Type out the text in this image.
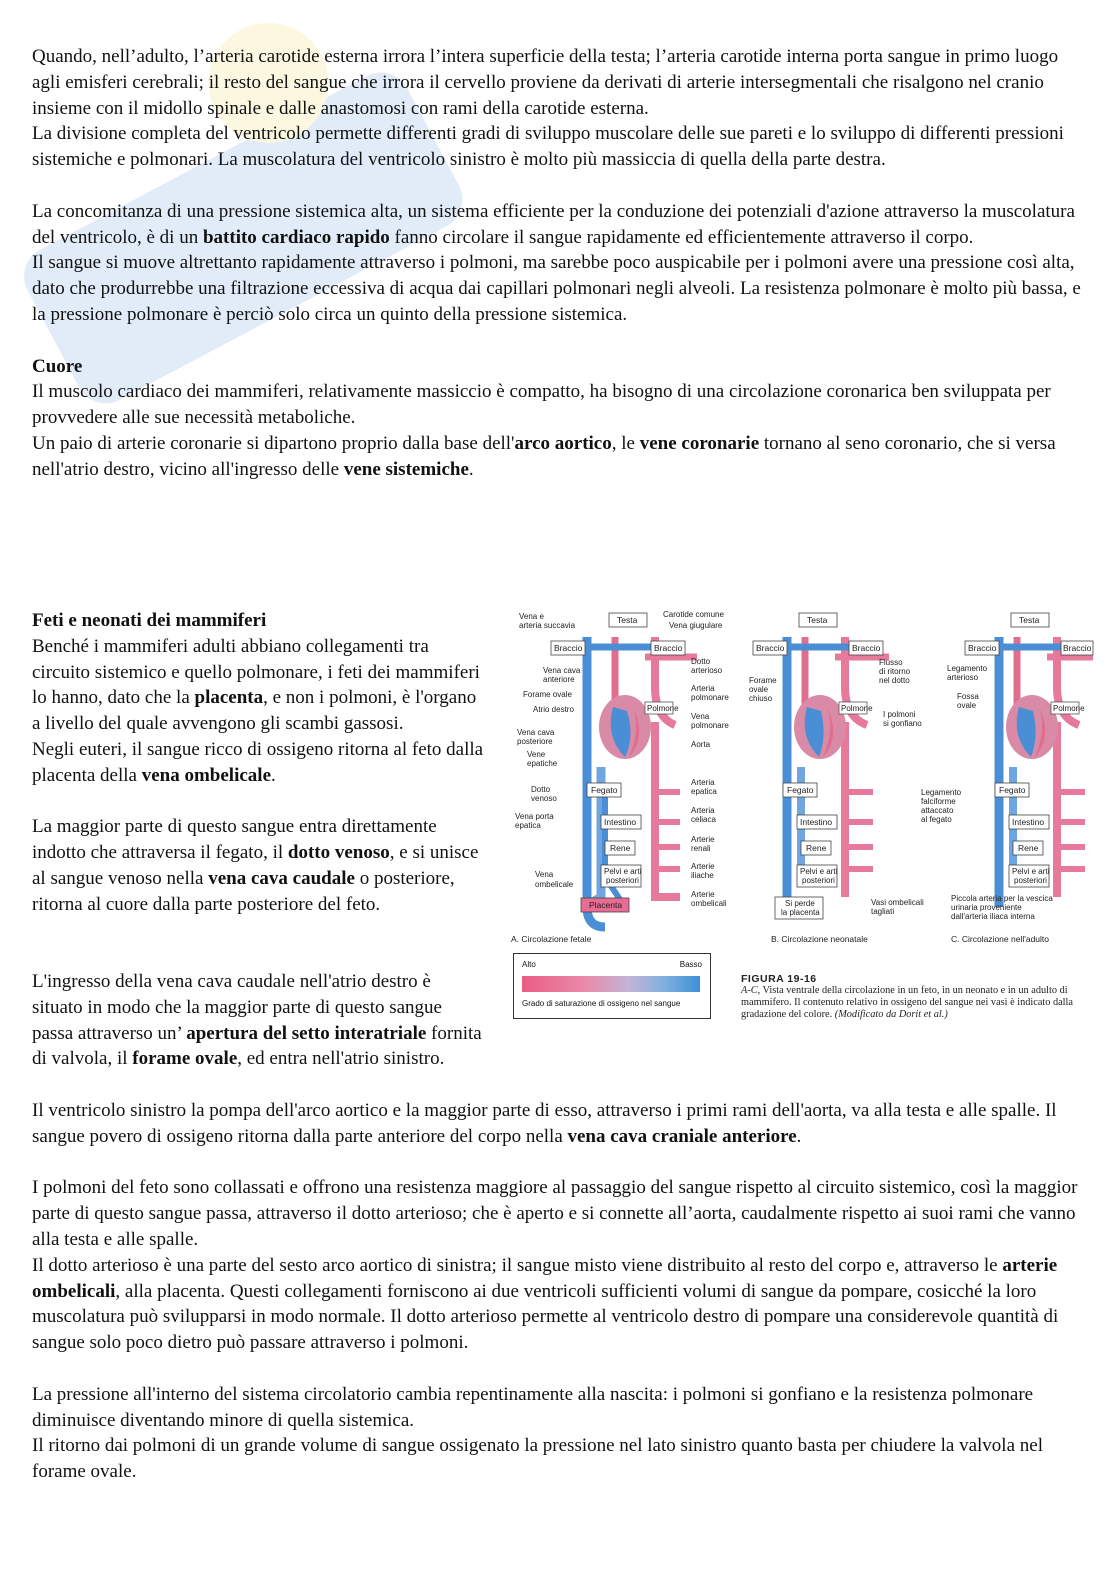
Quando, nell’adulto, l’arteria carotide esterna irrora l’intera superficie della testa; l’arteria carotide interna porta sangue in primo luogo agli emisferi cerebrali; il resto del sangue che irrora il cervello proviene da derivati di arterie intersegmentali che risalgono nel cranio insieme con il midollo spinale e dalle anastomosi con rami della carotide esterna.

La divisione completa del ventricolo permette differenti gradi di sviluppo muscolare delle sue pareti e lo sviluppo di differenti pressioni sistemiche e polmonari. La muscolatura del ventricolo sinistro è molto più massiccia di quella della parte destra.

La concomitanza di una pressione sistemica alta, un sistema efficiente per la conduzione dei potenziali d'azione attraverso la muscolatura del ventricolo, è di un battito cardiaco rapido fanno circolare il sangue rapidamente ed efficientemente attraverso il corpo.

Il sangue si muove altrettanto rapidamente attraverso i polmoni, ma sarebbe poco auspicabile per i polmoni avere una pressione così alta, dato che produrrebbe una filtrazione eccessiva di acqua dai capillari polmonari negli alveoli. La resistenza polmonare è molto più bassa, e la pressione polmonare è perciò solo circa un quinto della pressione sistemica.

Cuore

Il muscolo cardiaco dei mammiferi, relativamente massiccio è compatto, ha bisogno di una circolazione coronarica ben sviluppata per provvedere alle sue necessità metaboliche.

Un paio di arterie coronarie si dipartono proprio dalla base dell'arco aortico, le vene coronarie tornano al seno coronario, che si versa nell'atrio destro, vicino all'ingresso delle vene sistemiche.

Feti e neonati dei mammiferi

Benché i mammiferi adulti abbiano collegamenti tra circuito sistemico e quello polmonare, i feti dei mammiferi lo hanno, dato che la placenta, e non i polmoni, è l'organo a livello del quale avvengono gli scambi gassosi.

Negli euteri, il sangue ricco di ossigeno ritorna al feto dalla placenta della vena ombelicale.

La maggior parte di questo sangue entra direttamente indotto che attraversa il fegato, il dotto venoso, e si unisce al sangue venoso nella vena cava caudale o posteriore, ritorna al cuore dalla parte posteriore del feto.

L'ingresso della vena cava caudale nell'atrio destro è situato in modo che la maggior parte di questo sangue passa attraverso un’ apertura del setto interatriale fornita di valvola, il forame ovale, ed entra nell'atrio sinistro.

Il ventricolo sinistro la pompa dell'arco aortico e la maggior parte di esso, attraverso i primi rami dell'aorta, va alla testa e alle spalle. Il sangue povero di ossigeno ritorna dalla parte anteriore del corpo nella vena cava craniale anteriore.

I polmoni del feto sono collassati e offrono una resistenza maggiore al passaggio del sangue rispetto al circuito sistemico, così la maggior parte di questo sangue passa, attraverso il dotto arterioso; che è aperto e si connette all’aorta, caudalmente rispetto ai suoi rami che vanno alla testa e alle spalle.

Il dotto arterioso è una parte del sesto arco aortico di sinistra; il sangue misto viene distribuito al resto del corpo e, attraverso le arterie ombelicali, alla placenta. Questi collegamenti forniscono ai due ventricoli sufficienti volumi di sangue da pompare, cosicché la loro muscolatura può svilupparsi in modo normale. Il dotto arterioso permette al ventricolo destro di pompare una considerevole quantità di sangue solo poco dietro può passare attraverso i polmoni.

La pressione all'interno del sistema circolatorio cambia repentinamente alla nascita: i polmoni si gonfiano e la resistenza polmonare diminuisce diventando minore di quella sistemica.

Il ritorno dai polmoni di un grande volume di sangue ossigenato la pressione nel lato sinistro quanto basta per chiudere la valvola nel forame ovale.

Polmone
Testa
Braccio	Braccio
Fegato
Intestino
Rene
Pelvi e arti
posteriori
Placenta
Vena e
arteria succavia
Vena cava
anteriore
Forame ovale
Atrio destro
Vena cava
posteriore
Vene
epatiche
Dotto
venoso
Vena porta
epatica
Vena
ombelicale
Carotide comune
Vena giugulare
Dotto
arterioso
Arteria
polmonare
Vena
polmonare
Aorta
Arteria
epatica
Arteria
celiaca
Arterie
renali
Arterie
iliache
Arterie
ombelicali
A. Circolazione fetale
Polmone
Testa
Braccio	Braccio
Fegato
Intestino
Rene
Pelvi e arti
posteriori
Si perde
la placenta
Forame
ovale
chiuso
Flusso
di ritorno
nel dotto
I polmoni
si gonfiano
Vasi ombelicali
tagliati
B. Circolazione neonatale
Polmone
Testa
Braccio	Braccio
Fegato
Intestino
Rene
Pelvi e arti
posteriori
Legamento
arterioso
Fossa
ovale
Legamento
falciforme
attaccato
al fegato
Piccola arteria per la vescica
urinaria proveniente
dall'arteria iliaca interna
C. Circolazione nell'adulto
Alto	Basso
Grado di saturazione di ossigeno nel sangue
FIGURA 19-16
A-C, Vista ventrale della circolazione in un feto, in un neonato e in un adulto di mammifero. Il contenuto relativo in ossigeno del sangue nei vasi è indicato dalla gradazione del colore. (Modificato da Dorit et al.)
